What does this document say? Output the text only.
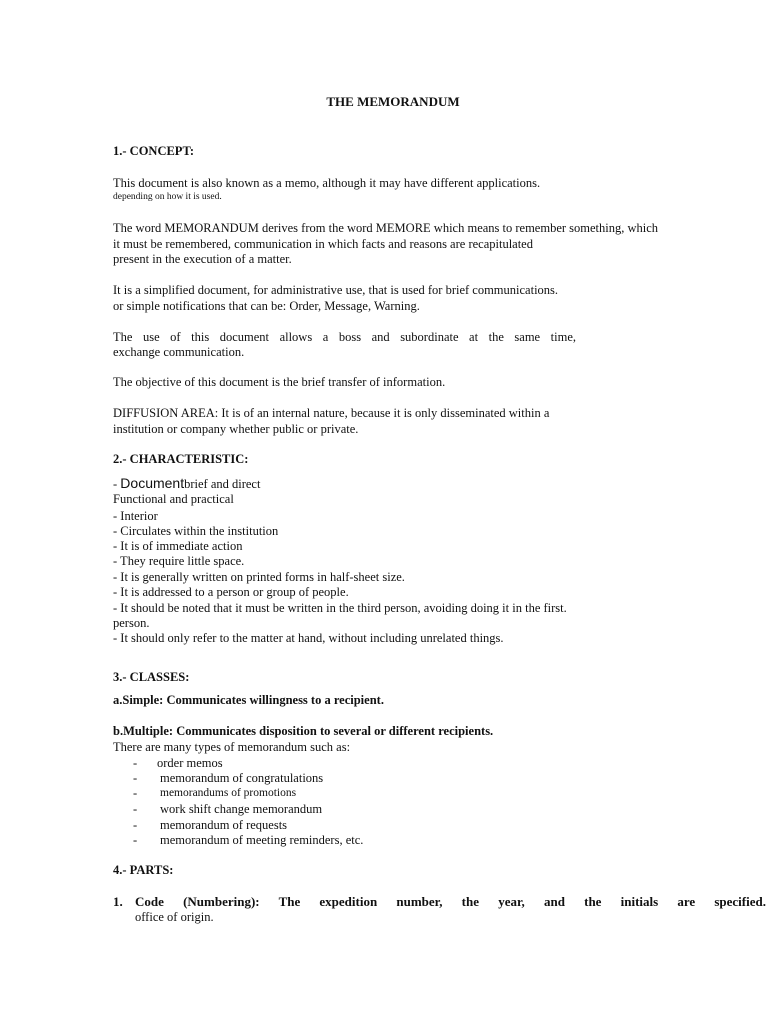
THE MEMORANDUM
1.- CONCEPT:
This document is also known as a memo, although it may have different applications.
depending on how it is used.
The word MEMORANDUM derives from the word MEMORE which means to remember something, which
it must be remembered, communication in which facts and reasons are recapitulated
present in the execution of a matter.
It is a simplified document, for administrative use, that is used for brief communications.
or simple notifications that can be: Order, Message, Warning.
The use of this document allows a boss and subordinate at the same time,
exchange communication.
The objective of this document is the brief transfer of information.
DIFFUSION AREA: It is of an internal nature, because it is only disseminated within a
institution or company whether public or private.
2.- CHARACTERISTIC:
- Documentbrief and direct
Functional and practical
- Interior
- Circulates within the institution
- It is of immediate action
- They require little space.
- It is generally written on printed forms in half-sheet size.
- It is addressed to a person or group of people.
- It should be noted that it must be written in the third person, avoiding doing it in the first.
person.
- It should only refer to the matter at hand, without including unrelated things.
3.- CLASSES:
a.Simple: Communicates willingness to a recipient.
b.Multiple: Communicates disposition to several or different recipients.
There are many types of memorandum such as:
- order memos
- memorandum of congratulations
- memorandums of promotions
- work shift change memorandum
- memorandum of requests
- memorandum of meeting reminders, etc.
4.- PARTS:
1. Code (Numbering): The expedition number, the year, and the initials are specified.
office of origin.
